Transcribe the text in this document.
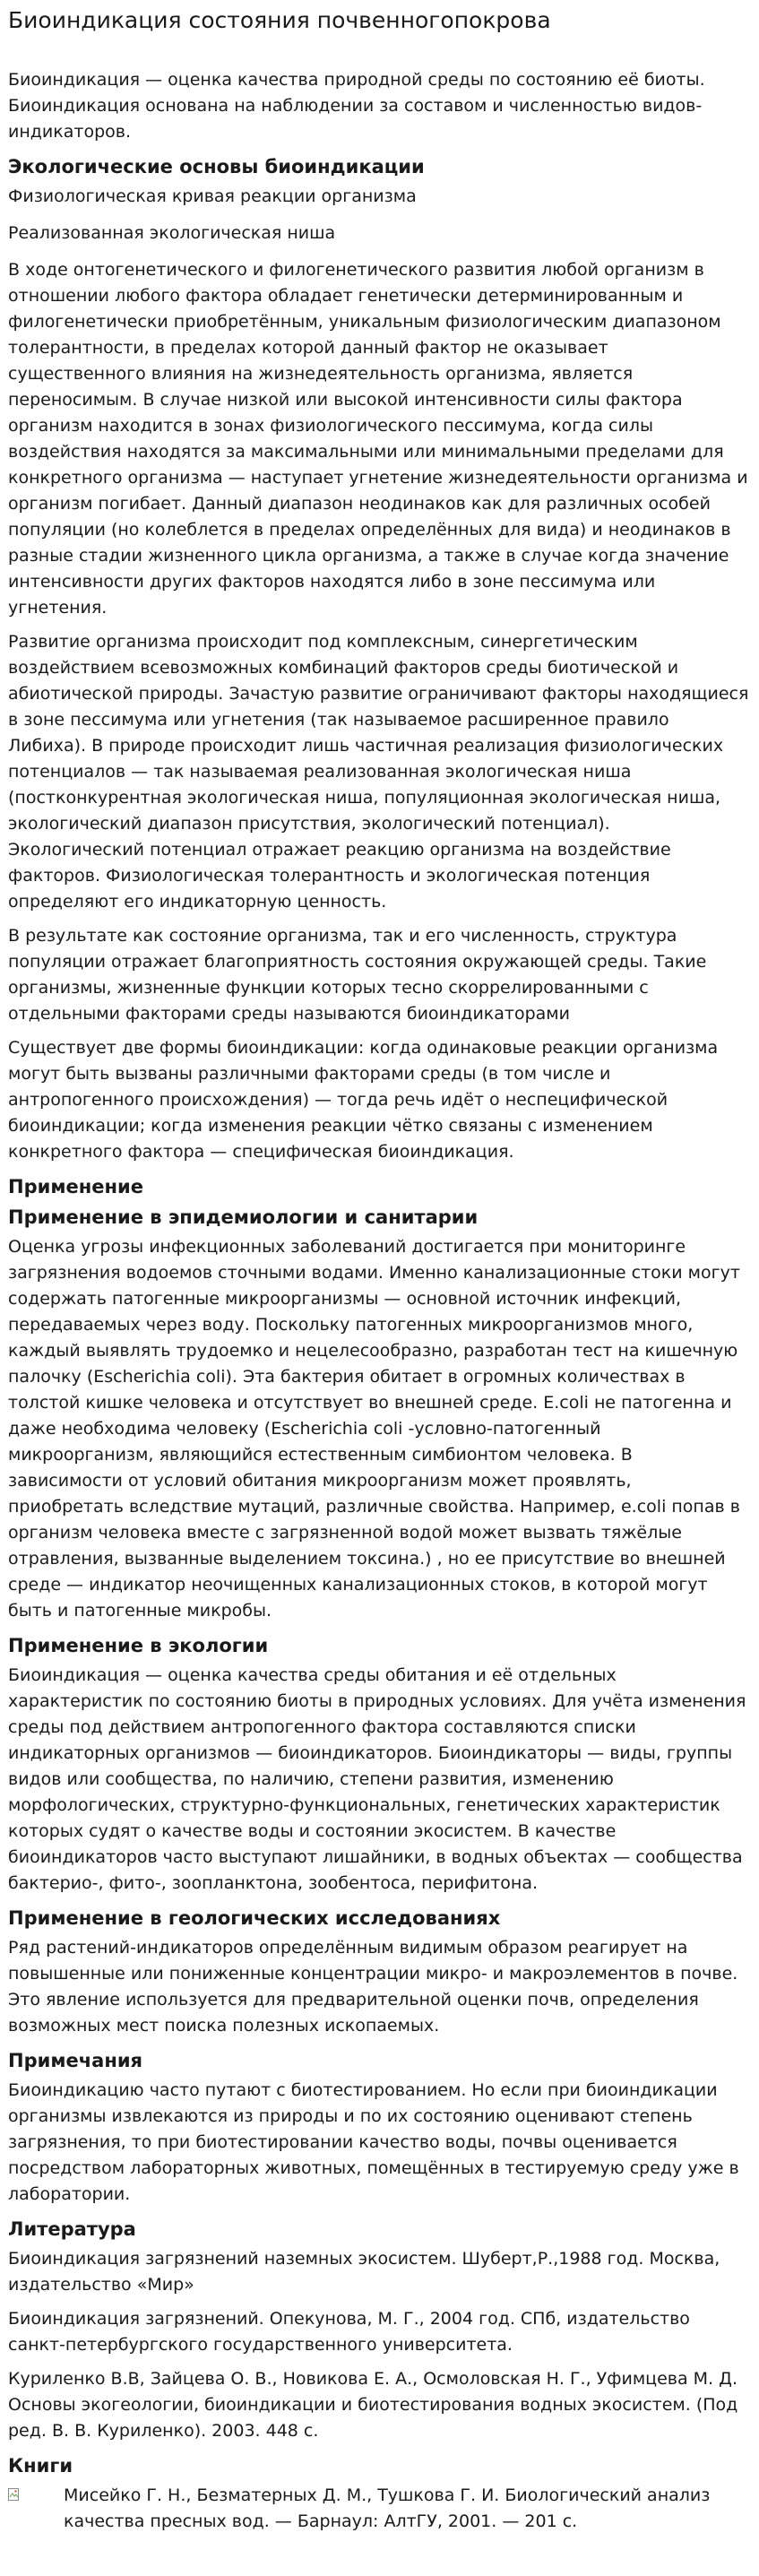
Биоиндикация состояния почвенногопокрова

Биоиндикация — оценка качества природной среды по состоянию её биоты. Биоиндикация основана на наблюдении за составом и численностью видов-индикаторов.

Экологические основы биоиндикации

Физиологическая кривая реакции организма

Реализованная экологическая ниша

В ходе онтогенетического и филогенетического развития любой организм в отношении любого фактора обладает генетически детерминированным и филогенетически приобретённым, уникальным физиологическим диапазоном толерантности, в пределах которой данный фактор не оказывает существенного влияния на жизнедеятельность организма, является переносимым. В случае низкой или высокой интенсивности силы фактора организм находится в зонах физиологического пессимума, когда силы воздействия находятся за максимальными или минимальными пределами для конкретного организма — наступает угнетение жизнедеятельности организма и организм погибает. Данный диапазон неодинаков как для различных особей популяции (но колеблется в пределах определённых для вида) и неодинаков в разные стадии жизненного цикла организма, а также в случае когда значение интенсивности других факторов находятся либо в зоне пессимума или угнетения.

Развитие организма происходит под комплексным, синергетическим воздействием всевозможных комбинаций факторов среды биотической и абиотической природы. Зачастую развитие ограничивают факторы находящиеся в зоне пессимума или угнетения (так называемое расширенное правило Либиха). В природе происходит лишь частичная реализация физиологических потенциалов — так называемая реализованная экологическая ниша (постконкурентная экологическая ниша, популяционная экологическая ниша, экологический диапазон присутствия, экологический потенциал). Экологический потенциал отражает реакцию организма на воздействие факторов. Физиологическая толерантность и экологическая потенция определяют его индикаторную ценность.

В результате как состояние организма, так и его численность, структура популяции отражает благоприятность состояния окружающей среды. Такие организмы, жизненные функции которых тесно скоррелированными с отдельными факторами среды называются биоиндикаторами

Существует две формы биоиндикации: когда одинаковые реакции организма могут быть вызваны различными факторами среды (в том числе и антропогенного происхождения) — тогда речь идёт о неспецифической биоиндикации; когда изменения реакции чётко связаны с изменением конкретного фактора — специфическая биоиндикация.

Применение
Применение в эпидемиологии и санитарии

Оценка угрозы инфекционных заболеваний достигается при мониторинге загрязнения водоемов сточными водами. Именно канализационные стоки могут содержать патогенные микроорганизмы — основной источник инфекций, передаваемых через воду. Поскольку патогенных микроорганизмов много, каждый выявлять трудоемко и нецелесообразно, разработан тест на кишечную палочку (Escherichia coli). Эта бактерия обитает в огромных количествах в толстой кишке человека и отсутствует во внешней среде. E.coli не патогенна и даже необходима человеку (Escherichia coli -условно-патогенный микроорганизм, являющийся естественным симбионтом человека. В зависимости от условий обитания микроорганизм может проявлять, приобретать вследствие мутаций, различные свойства. Например, e.coli попав в организм человека вместе с загрязненной водой может вызвать тяжёлые отравления, вызванные выделением токсина.) , но ее присутствие во внешней среде — индикатор неочищенных канализационных стоков, в которой могут быть и патогенные микробы.

Применение в экологии

Биоиндикация — оценка качества среды обитания и её отдельных характеристик по состоянию биоты в природных условиях. Для учёта изменения среды под действием антропогенного фактора составляются списки индикаторных организмов — биоиндикаторов. Биоиндикаторы — виды, группы видов или сообщества, по наличию, степени развития, изменению морфологических, структурно-функциональных, генетических характеристик которых судят о качестве воды и состоянии экосистем. В качестве биоиндикаторов часто выступают лишайники, в водных объектах — сообщества бактерио-, фито-, зоопланктона, зообентоса, перифитона.

Применение в геологических исследованиях

Ряд растений-индикаторов определённым видимым образом реагирует на повышенные или пониженные концентрации микро- и макроэлементов в почве. Это явление используется для предварительной оценки почв, определения возможных мест поиска полезных ископаемых.

Примечания

Биоиндикацию часто путают с биотестированием. Но если при биоиндикации организмы извлекаются из природы и по их состоянию оценивают степень загрязнения, то при биотестировании качество воды, почвы оценивается посредством лабораторных животных, помещённых в тестируемую среду уже в лаборатории.

Литература

Биоиндикация загрязнений наземных экосистем. Шуберт,Р.,1988 год. Москва, издательство «Мир»

Биоиндикация загрязнений. Опекунова, М. Г., 2004 год. СПб, издательство санкт-петербургского государственного университета.

Куриленко В.В, Зайцева О. В., Новикова Е. А., Осмоловская Н. Г., Уфимцева М. Д. Основы экогеологии, биоиндикации и биотестирования водных экосистем. (Под ред. В. В. Куриленко). 2003. 448 с.

Книги

Мисейко Г. Н., Безматерных Д. М., Тушкова Г. И. Биологический анализ качества пресных вод. — Барнаул: АлтГУ, 2001. — 201 с.
